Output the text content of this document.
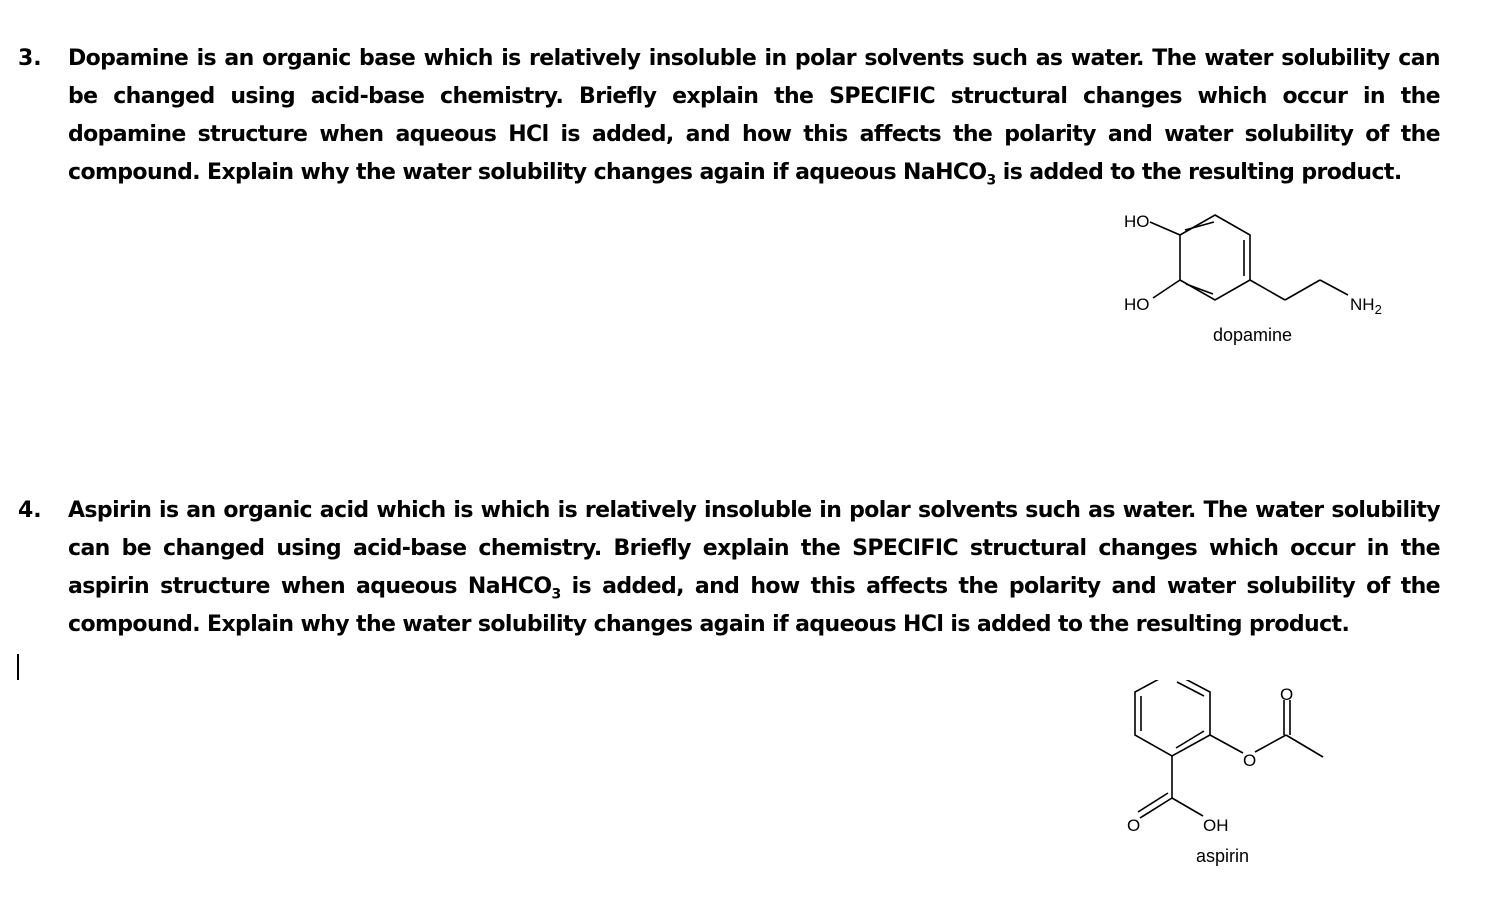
3. Dopamine is an organic base which is relatively insoluble in polar solvents such as water. The water solubility can be changed using acid-base chemistry. Briefly explain the SPECIFIC structural changes which occur in the dopamine structure when aqueous HCl is added, and how this affects the polarity and water solubility of the compound. Explain why the water solubility changes again if aqueous NaHCO$_3$ is added to the resulting product.
HO
HO	$NH_2$
dopamine
4. Aspirin is an organic acid which is which is relatively insoluble in polar solvents such as water. The water solubility can be changed using acid-base chemistry. Briefly explain the SPECIFIC structural changes which occur in the aspirin structure when aqueous NaHCO$_3$ is added, and how this affects the polarity and water solubility of the compound. Explain why the water solubility changes again if aqueous HCl is added to the resulting product.
O
O
O	OH
aspirin
